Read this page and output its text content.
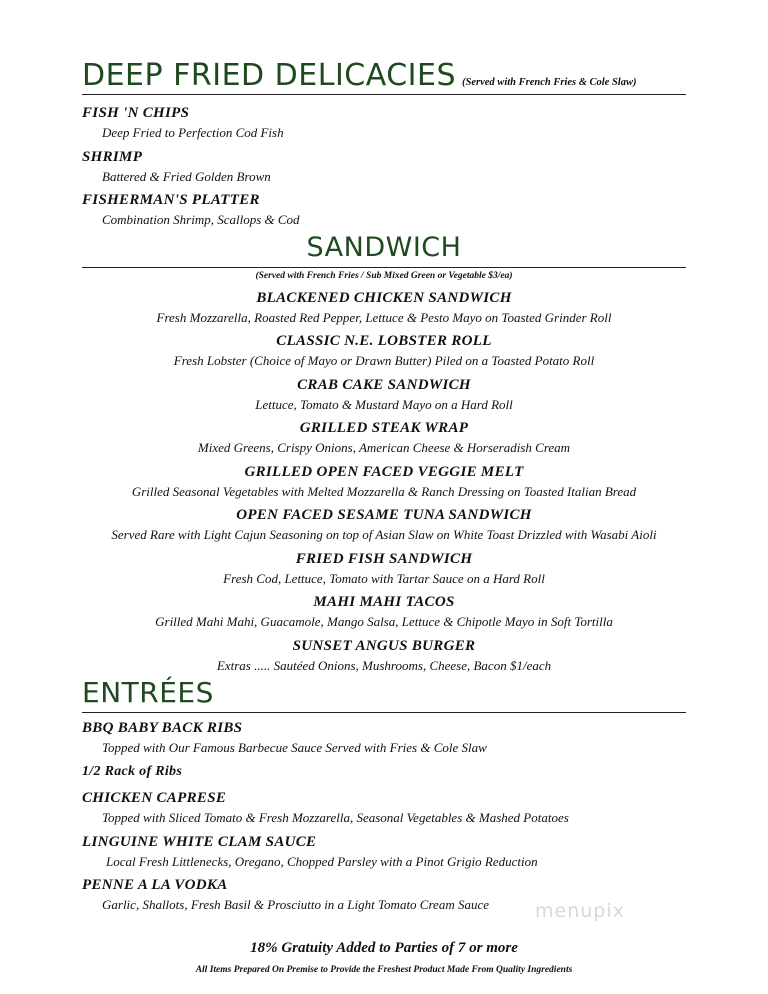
DEEP FRIED DELICACIES (Served with French Fries & Cole Slaw)
FISH 'N CHIPS
Deep Fried to Perfection Cod Fish
SHRIMP
Battered & Fried Golden Brown
FISHERMAN'S PLATTER
Combination Shrimp, Scallops & Cod
SANDWICH
(Served with French Fries / Sub Mixed Green or Vegetable $3/ea)
BLACKENED CHICKEN SANDWICH
Fresh Mozzarella, Roasted Red Pepper, Lettuce & Pesto Mayo on Toasted Grinder Roll
CLASSIC N.E. LOBSTER ROLL
Fresh Lobster (Choice of Mayo or Drawn Butter) Piled on a Toasted Potato Roll
CRAB CAKE SANDWICH
Lettuce, Tomato & Mustard Mayo on a Hard Roll
GRILLED STEAK WRAP
Mixed Greens, Crispy Onions, American Cheese & Horseradish Cream
GRILLED OPEN FACED VEGGIE MELT
Grilled Seasonal Vegetables with Melted Mozzarella & Ranch Dressing on Toasted Italian Bread
OPEN FACED SESAME TUNA SANDWICH
Served Rare with Light Cajun Seasoning on top of Asian Slaw on White Toast Drizzled with Wasabi Aioli
FRIED FISH SANDWICH
Fresh Cod, Lettuce, Tomato with Tartar Sauce on a Hard Roll
MAHI MAHI TACOS
Grilled Mahi Mahi, Guacamole, Mango Salsa, Lettuce & Chipotle Mayo in Soft Tortilla
SUNSET ANGUS BURGER
Extras ..... Sautéed Onions, Mushrooms, Cheese, Bacon $1/each
ENTRÉES
BBQ BABY BACK RIBS
Topped with Our Famous Barbecue Sauce Served with Fries & Cole Slaw
1/2 Rack of Ribs
CHICKEN CAPRESE
Topped with Sliced Tomato & Fresh Mozzarella, Seasonal Vegetables & Mashed Potatoes
LINGUINE WHITE CLAM SAUCE
Local Fresh Littlenecks, Oregano, Chopped Parsley with a Pinot Grigio Reduction
PENNE A LA VODKA
Garlic, Shallots, Fresh Basil & Prosciutto in a Light Tomato Cream Sauce menupix
18% Gratuity Added to Parties of 7 or more
All Items Prepared On Premise to Provide the Freshest Product Made From Quality Ingredients
